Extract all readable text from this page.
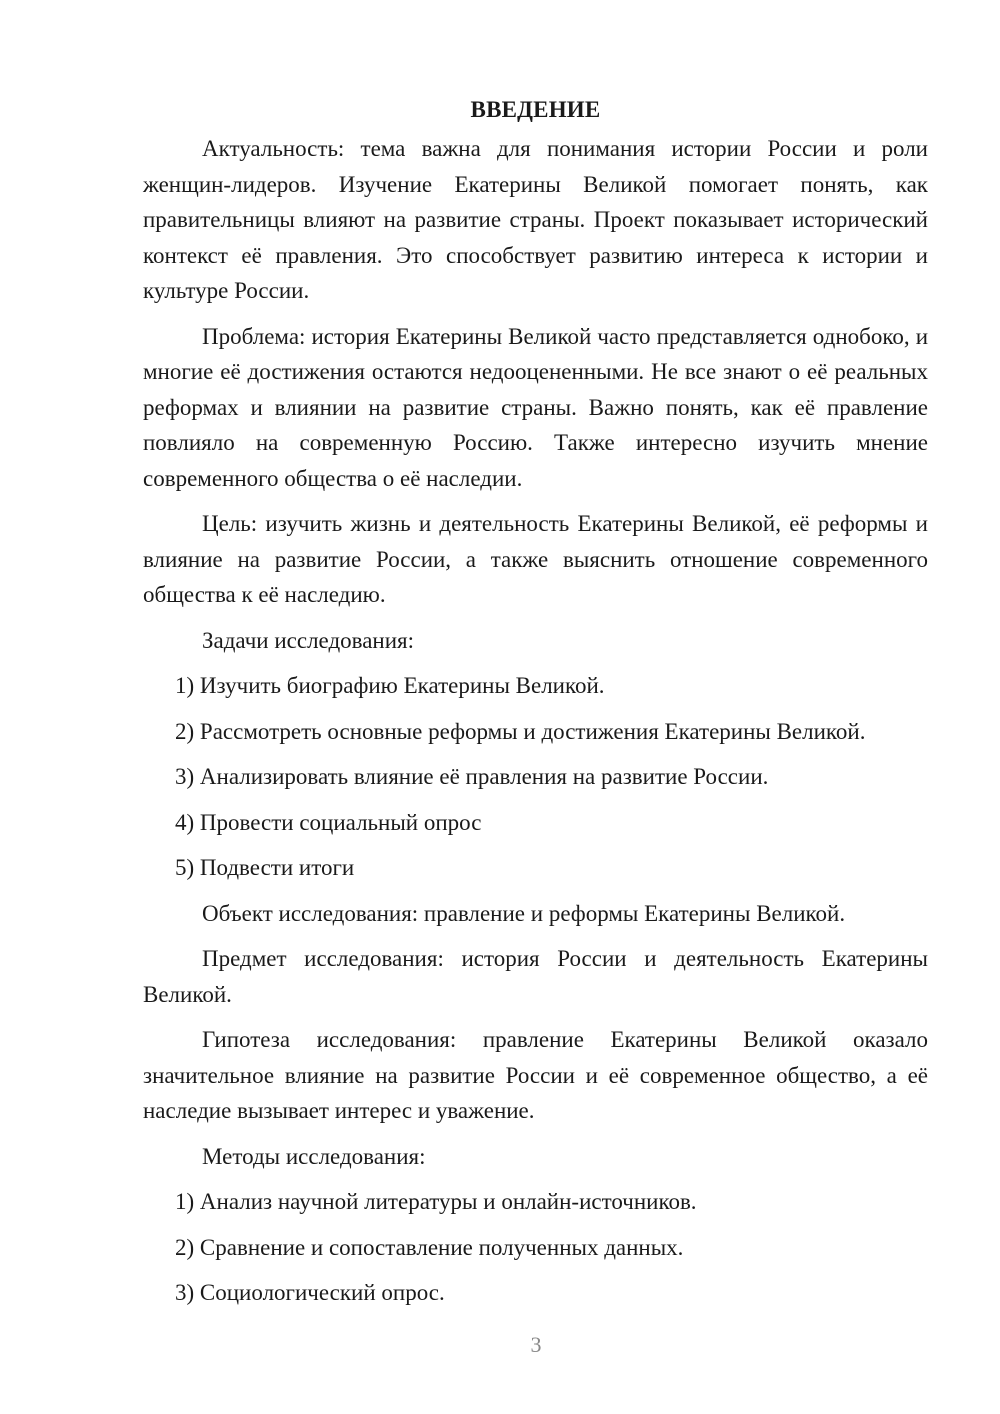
ВВЕДЕНИЕ

Актуальность: тема важна для понимания истории России и роли женщин-лидеров. Изучение Екатерины Великой помогает понять, как правительницы влияют на развитие страны. Проект показывает исторический контекст её правления. Это способствует развитию интереса к истории и культуре России.

Проблема: история Екатерины Великой часто представляется однобоко, и многие её достижения остаются недооцененными. Не все знают о её реальных реформах и влиянии на развитие страны. Важно понять, как её правление повлияло на современную Россию. Также интересно изучить мнение современного общества о её наследии.

Цель: изучить жизнь и деятельность Екатерины Великой, её реформы и влияние на развитие России, а также выяснить отношение современного общества к её наследию.

Задачи исследования:

1) Изучить биографию Екатерины Великой.

2) Рассмотреть основные реформы и достижения Екатерины Великой.

3) Анализировать влияние её правления на развитие России.

4) Провести социальный опрос

5) Подвести итоги

Объект исследования: правление и реформы Екатерины Великой.

Предмет исследования: история России и деятельность Екатерины Великой.

Гипотеза исследования: правление Екатерины Великой оказало значительное влияние на развитие России и её современное общество, а её наследие вызывает интерес и уважение.

Методы исследования:

1) Анализ научной литературы и онлайн-источников.

2) Сравнение и сопоставление полученных данных.

3) Социологический опрос.

3
